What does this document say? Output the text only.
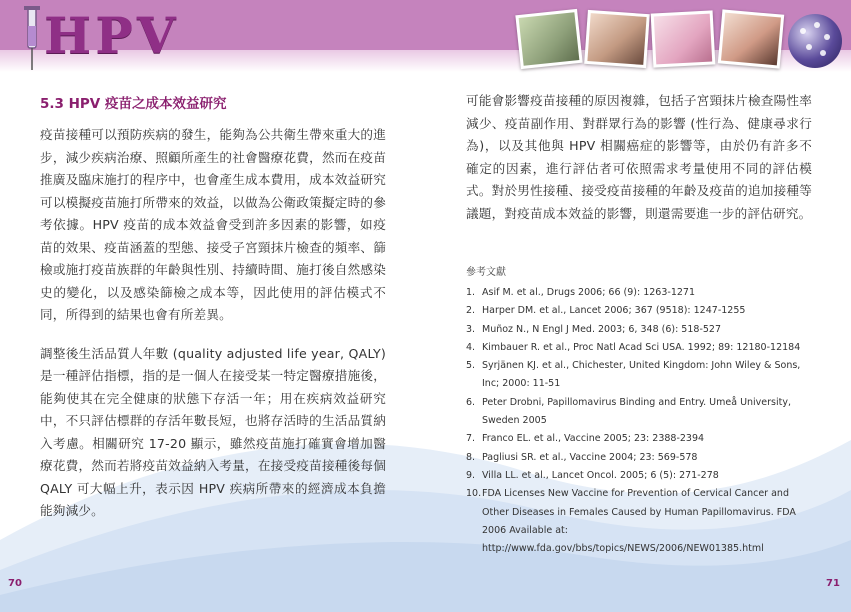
HPV
5.3 HPV 疫苗之成本效益研究

疫苗接種可以預防疾病的發生，能夠為公共衛生帶來重大的進步，減少疾病治療、照顧所產生的社會醫療花費，然而在疫苗推廣及臨床施打的程序中，也會產生成本費用，成本效益研究可以模擬疫苗施打所帶來的效益，以做為公衛政策擬定時的參考依據。HPV 疫苗的成本效益會受到許多因素的影響，如疫苗的效果、疫苗涵蓋的型態、接受子宮頸抹片檢查的頻率、篩檢或施打疫苗族群的年齡與性別、持續時間、施打後自然感染史的變化，以及感染篩檢之成本等，因此使用的評估模式不同，所得到的結果也會有所差異。

調整後生活品質人年數 (quality adjusted life year, QALY) 是一種評估指標，指的是一個人在接受某一特定醫療措施後，能夠使其在完全健康的狀態下存活一年；用在疾病效益研究中，不只評估標群的存活年數長短，也將存活時的生活品質納入考慮。相關研究 17-20 顯示，雖然疫苗施打確實會增加醫療花費，然而若將疫苗效益納入考量，在接受疫苗接種後每個 QALY 可大幅上升，表示因 HPV 疾病所帶來的經濟成本負擔能夠減少。

可能會影響疫苗接種的原因複雜，包括子宮頸抹片檢查陽性率減少、疫苗副作用、對群眾行為的影響 (性行為、健康尋求行為)，以及其他與 HPV 相關癌症的影響等，由於仍有許多不確定的因素，進行評估者可依照需求考量使用不同的評估模式。對於男性接種、接受疫苗接種的年齡及疫苗的追加接種等議題，對疫苗成本效益的影響，則還需要進一步的評估研究。

參考文獻
1. Asif M. et al., Drugs 2006; 66 (9): 1263-1271
2. Harper DM. et al., Lancet 2006; 367 (9518): 1247-1255
3. Muñoz N., N Engl J Med. 2003; 6, 348 (6): 518-527
4. Kimbauer R. et al., Proc Natl Acad Sci USA. 1992; 89: 12180-12184
5. Syrjänen KJ. et al., Chichester, United Kingdom: John Wiley & Sons, Inc; 2000: 11-51
6. Peter Drobni, Papillomavirus Binding and Entry. Umeå University, Sweden 2005
7. Franco EL. et al., Vaccine 2005; 23: 2388-2394
8. Pagliusi SR. et al., Vaccine 2004; 23: 569-578
9. Villa LL. et al., Lancet Oncol. 2005; 6 (5): 271-278
10. FDA Licenses New Vaccine for Prevention of Cervical Cancer and Other Diseases in Females Caused by Human Papillomavirus. FDA 2006 Available at: http://www.fda.gov/bbs/topics/NEWS/2006/NEW01385.html
70	71
